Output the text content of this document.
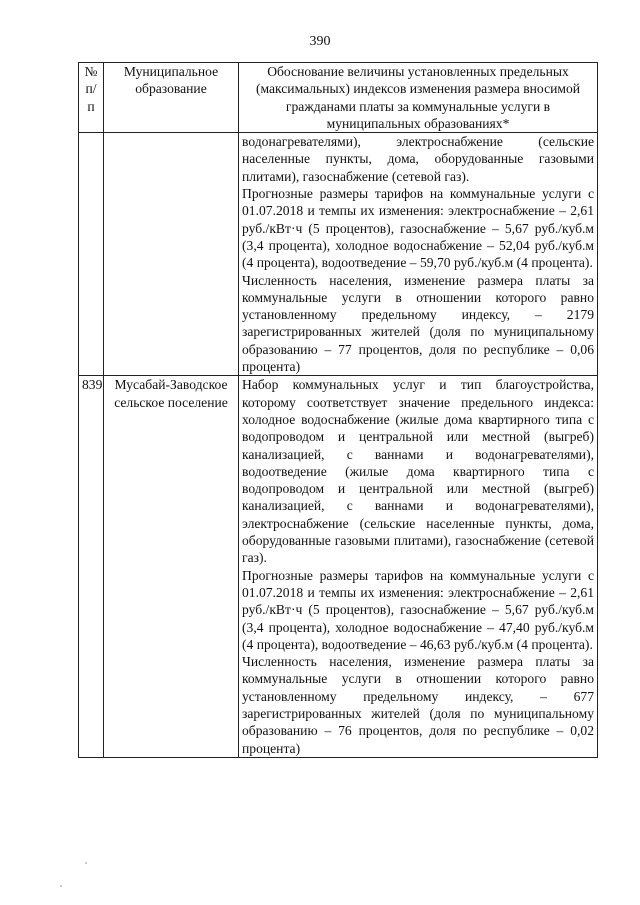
390
№ п/п	Муниципальное образование	Обоснование величины установленных предельных (максимальных) индексов изменения размера вносимой гражданами платы за коммунальные услуги в муниципальных образованиях*

		водонагревателями), электроснабжение (сельские населенные пункты, дома, оборудованные газовыми плитами), газоснабжение (сетевой газ).

Прогнозные размеры тарифов на коммунальные услуги с 01.07.2018 и темпы их изменения: электроснабжение – 2,61 руб./кВт·ч (5 процентов), газоснабжение – 5,67 руб./куб.м (3,4 процента), холодное водоснабжение – 52,04 руб./куб.м (4 процента), водоотведение – 59,70 руб./куб.м (4 процента).

Численность населения, изменение размера платы за коммунальные услуги в отношении которого равно установленному предельному индексу, – 2179 зарегистрированных жителей (доля по муниципальному образованию – 77 процентов, доля по республике – 0,06 процента)

839	Мусабай-Заводское сельское поселение	Набор коммунальных услуг и тип благоустройства, которому соответствует значение предельного индекса: холодное водоснабжение (жилые дома квартирного типа с водопроводом и центральной или местной (выгреб) канализацией, с ваннами и водонагревателями), водоотведение (жилые дома квартирного типа с водопроводом и центральной или местной (выгреб) канализацией, с ваннами и водонагревателями), электроснабжение (сельские населенные пункты, дома, оборудованные газовыми плитами), газоснабжение (сетевой газ).

Прогнозные размеры тарифов на коммунальные услуги с 01.07.2018 и темпы их изменения: электроснабжение – 2,61 руб./кВт·ч (5 процентов), газоснабжение – 5,67 руб./куб.м (3,4 процента), холодное водоснабжение – 47,40 руб./куб.м (4 процента), водоотведение – 46,63 руб./куб.м (4 процента).

Численность населения, изменение размера платы за коммунальные услуги в отношении которого равно установленному предельному индексу, – 677 зарегистрированных жителей (доля по муниципальному образованию – 76 процентов, доля по республике – 0,02 процента)
